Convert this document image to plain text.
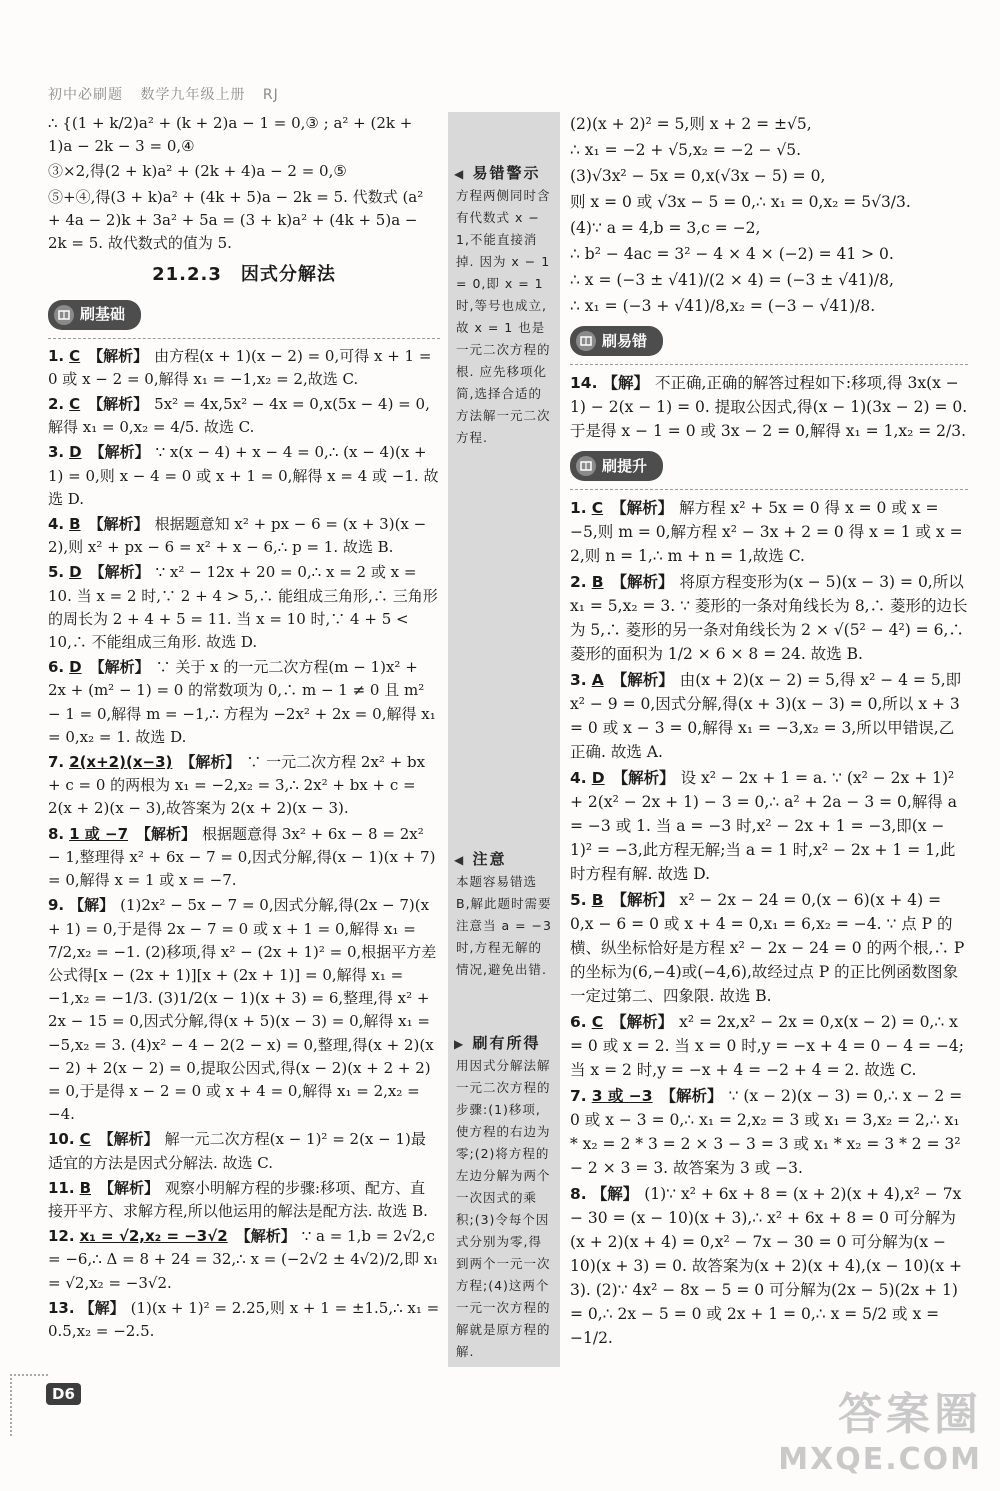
初中必刷题 数学九年级上册 RJ

∴ {(1 + k/2)a² + (k + 2)a − 1 = 0,③ ; a² + (2k + 1)a − 2k − 3 = 0,④

③×2,得(2 + k)a² + (2k + 4)a − 2 = 0,⑤

⑤+④,得(3 + k)a² + (4k + 5)a − 2k = 5. 代数式 (a² + 4a − 2)k + 3a² + 5a = (3 + k)a² + (4k + 5)a − 2k = 5. 故代数式的值为 5.

21.2.3　因式分解法
刷基础

1. C 【解析】 由方程(x + 1)(x − 2) = 0,可得 x + 1 = 0 或 x − 2 = 0,解得 x₁ = −1,x₂ = 2,故选 C.

2. C 【解析】 5x² = 4x,5x² − 4x = 0,x(5x − 4) = 0,解得 x₁ = 0,x₂ = 4/5. 故选 C.

3. D 【解析】 ∵ x(x − 4) + x − 4 = 0,∴ (x − 4)(x + 1) = 0,则 x − 4 = 0 或 x + 1 = 0,解得 x = 4 或 −1. 故选 D.

4. B 【解析】 根据题意知 x² + px − 6 = (x + 3)(x − 2),则 x² + px − 6 = x² + x − 6,∴ p = 1. 故选 B.

5. D 【解析】 ∵ x² − 12x + 20 = 0,∴ x = 2 或 x = 10. 当 x = 2 时,∵ 2 + 4 > 5,∴ 能组成三角形,∴ 三角形的周长为 2 + 4 + 5 = 11. 当 x = 10 时,∵ 4 + 5 < 10,∴ 不能组成三角形. 故选 D.

6. D 【解析】 ∵ 关于 x 的一元二次方程(m − 1)x² + 2x + (m² − 1) = 0 的常数项为 0,∴ m − 1 ≠ 0 且 m² − 1 = 0,解得 m = −1,∴ 方程为 −2x² + 2x = 0,解得 x₁ = 0,x₂ = 1. 故选 D.

7. 2(x+2)(x−3) 【解析】 ∵ 一元二次方程 2x² + bx + c = 0 的两根为 x₁ = −2,x₂ = 3,∴ 2x² + bx + c = 2(x + 2)(x − 3),故答案为 2(x + 2)(x − 3).

8. 1 或 −7 【解析】 根据题意得 3x² + 6x − 8 = 2x² − 1,整理得 x² + 6x − 7 = 0,因式分解,得(x − 1)(x + 7) = 0,解得 x = 1 或 x = −7.

9. 【解】 (1)2x² − 5x − 7 = 0,因式分解,得(2x − 7)(x + 1) = 0,于是得 2x − 7 = 0 或 x + 1 = 0,解得 x₁ = 7/2,x₂ = −1. (2)移项,得 x² − (2x + 1)² = 0,根据平方差公式得[x − (2x + 1)][x + (2x + 1)] = 0,解得 x₁ = −1,x₂ = −1/3. (3)1/2(x − 1)(x + 3) = 6,整理,得 x² + 2x − 15 = 0,因式分解,得(x + 5)(x − 3) = 0,解得 x₁ = −5,x₂ = 3. (4)x² − 4 − 2(2 − x) = 0,整理,得(x + 2)(x − 2) + 2(x − 2) = 0,提取公因式,得(x − 2)(x + 2 + 2) = 0,于是得 x − 2 = 0 或 x + 4 = 0,解得 x₁ = 2,x₂ = −4.

10. C 【解析】 解一元二次方程(x − 1)² = 2(x − 1)最适宜的方法是因式分解法. 故选 C.

11. B 【解析】 观察小明解方程的步骤:移项、配方、直接开平方、求解方程,所以他运用的解法是配方法. 故选 B.

12. x₁ = √2,x₂ = −3√2 【解析】 ∵ a = 1,b = 2√2,c = −6,∴ Δ = 8 + 24 = 32,∴ x = (−2√2 ± 4√2)/2,即 x₁ = √2,x₂ = −3√2.

13. 【解】 (1)(x + 1)² = 2.25,则 x + 1 = ±1.5,∴ x₁ = 0.5,x₂ = −2.5.

◀ 易错警示
方程两侧同时含有代数式 x − 1,不能直接消掉. 因为 x − 1 = 0,即 x = 1 时,等号也成立,故 x = 1 也是一元二次方程的根. 应先移项化简,选择合适的方法解一元二次方程.
◀ 注意
本题容易错选 B,解此题时需要注意当 a = −3 时,方程无解的情况,避免出错.
▶ 刷有所得
用因式分解法解一元二次方程的步骤:(1)移项,使方程的右边为零;(2)将方程的左边分解为两个一次因式的乘积;(3)令每个因式分别为零,得到两个一元一次方程;(4)这两个一元一次方程的解就是原方程的解.

(2)(x + 2)² = 5,则 x + 2 = ±√5,

∴ x₁ = −2 + √5,x₂ = −2 − √5.

(3)√3x² − 5x = 0,x(√3x − 5) = 0,

则 x = 0 或 √3x − 5 = 0,∴ x₁ = 0,x₂ = 5√3/3.

(4)∵ a = 4,b = 3,c = −2,

∴ b² − 4ac = 3² − 4 × 4 × (−2) = 41 > 0.

∴ x = (−3 ± √41)/(2 × 4) = (−3 ± √41)/8,

∴ x₁ = (−3 + √41)/8,x₂ = (−3 − √41)/8.

刷易错

14. 【解】 不正确,正确的解答过程如下:移项,得 3x(x − 1) − 2(x − 1) = 0. 提取公因式,得(x − 1)(3x − 2) = 0. 于是得 x − 1 = 0 或 3x − 2 = 0,解得 x₁ = 1,x₂ = 2/3.

刷提升

1. C 【解析】 解方程 x² + 5x = 0 得 x = 0 或 x = −5,则 m = 0,解方程 x² − 3x + 2 = 0 得 x = 1 或 x = 2,则 n = 1,∴ m + n = 1,故选 C.

2. B 【解析】 将原方程变形为(x − 5)(x − 3) = 0,所以 x₁ = 5,x₂ = 3. ∵ 菱形的一条对角线长为 8,∴ 菱形的边长为 5,∴ 菱形的另一条对角线长为 2 × √(5² − 4²) = 6,∴ 菱形的面积为 1/2 × 6 × 8 = 24. 故选 B.

3. A 【解析】 由(x + 2)(x − 2) = 5,得 x² − 4 = 5,即 x² − 9 = 0,因式分解,得(x + 3)(x − 3) = 0,所以 x + 3 = 0 或 x − 3 = 0,解得 x₁ = −3,x₂ = 3,所以甲错误,乙正确. 故选 A.

4. D 【解析】 设 x² − 2x + 1 = a. ∵ (x² − 2x + 1)² + 2(x² − 2x + 1) − 3 = 0,∴ a² + 2a − 3 = 0,解得 a = −3 或 1. 当 a = −3 时,x² − 2x + 1 = −3,即(x − 1)² = −3,此方程无解;当 a = 1 时,x² − 2x + 1 = 1,此时方程有解. 故选 D.

5. B 【解析】 x² − 2x − 24 = 0,(x − 6)(x + 4) = 0,x − 6 = 0 或 x + 4 = 0,x₁ = 6,x₂ = −4. ∵ 点 P 的横、纵坐标恰好是方程 x² − 2x − 24 = 0 的两个根,∴ P 的坐标为(6,−4)或(−4,6),故经过点 P 的正比例函数图象一定过第二、四象限. 故选 B.

6. C 【解析】 x² = 2x,x² − 2x = 0,x(x − 2) = 0,∴ x = 0 或 x = 2. 当 x = 0 时,y = −x + 4 = 0 − 4 = −4;当 x = 2 时,y = −x + 4 = −2 + 4 = 2. 故选 C.

7. 3 或 −3 【解析】 ∵ (x − 2)(x − 3) = 0,∴ x − 2 = 0 或 x − 3 = 0,∴ x₁ = 2,x₂ = 3 或 x₁ = 3,x₂ = 2,∴ x₁ * x₂ = 2 * 3 = 2 × 3 − 3 = 3 或 x₁ * x₂ = 3 * 2 = 3² − 2 × 3 = 3. 故答案为 3 或 −3.

8. 【解】 (1)∵ x² + 6x + 8 = (x + 2)(x + 4),x² − 7x − 30 = (x − 10)(x + 3),∴ x² + 6x + 8 = 0 可分解为(x + 2)(x + 4) = 0,x² − 7x − 30 = 0 可分解为(x − 10)(x + 3) = 0. 故答案为(x + 2)(x + 4),(x − 10)(x + 3). (2)∵ 4x² − 8x − 5 = 0 可分解为(2x − 5)(2x + 1) = 0,∴ 2x − 5 = 0 或 2x + 1 = 0,∴ x = 5/2 或 x = −1/2.

D6	答案圈
MXQE.COM
